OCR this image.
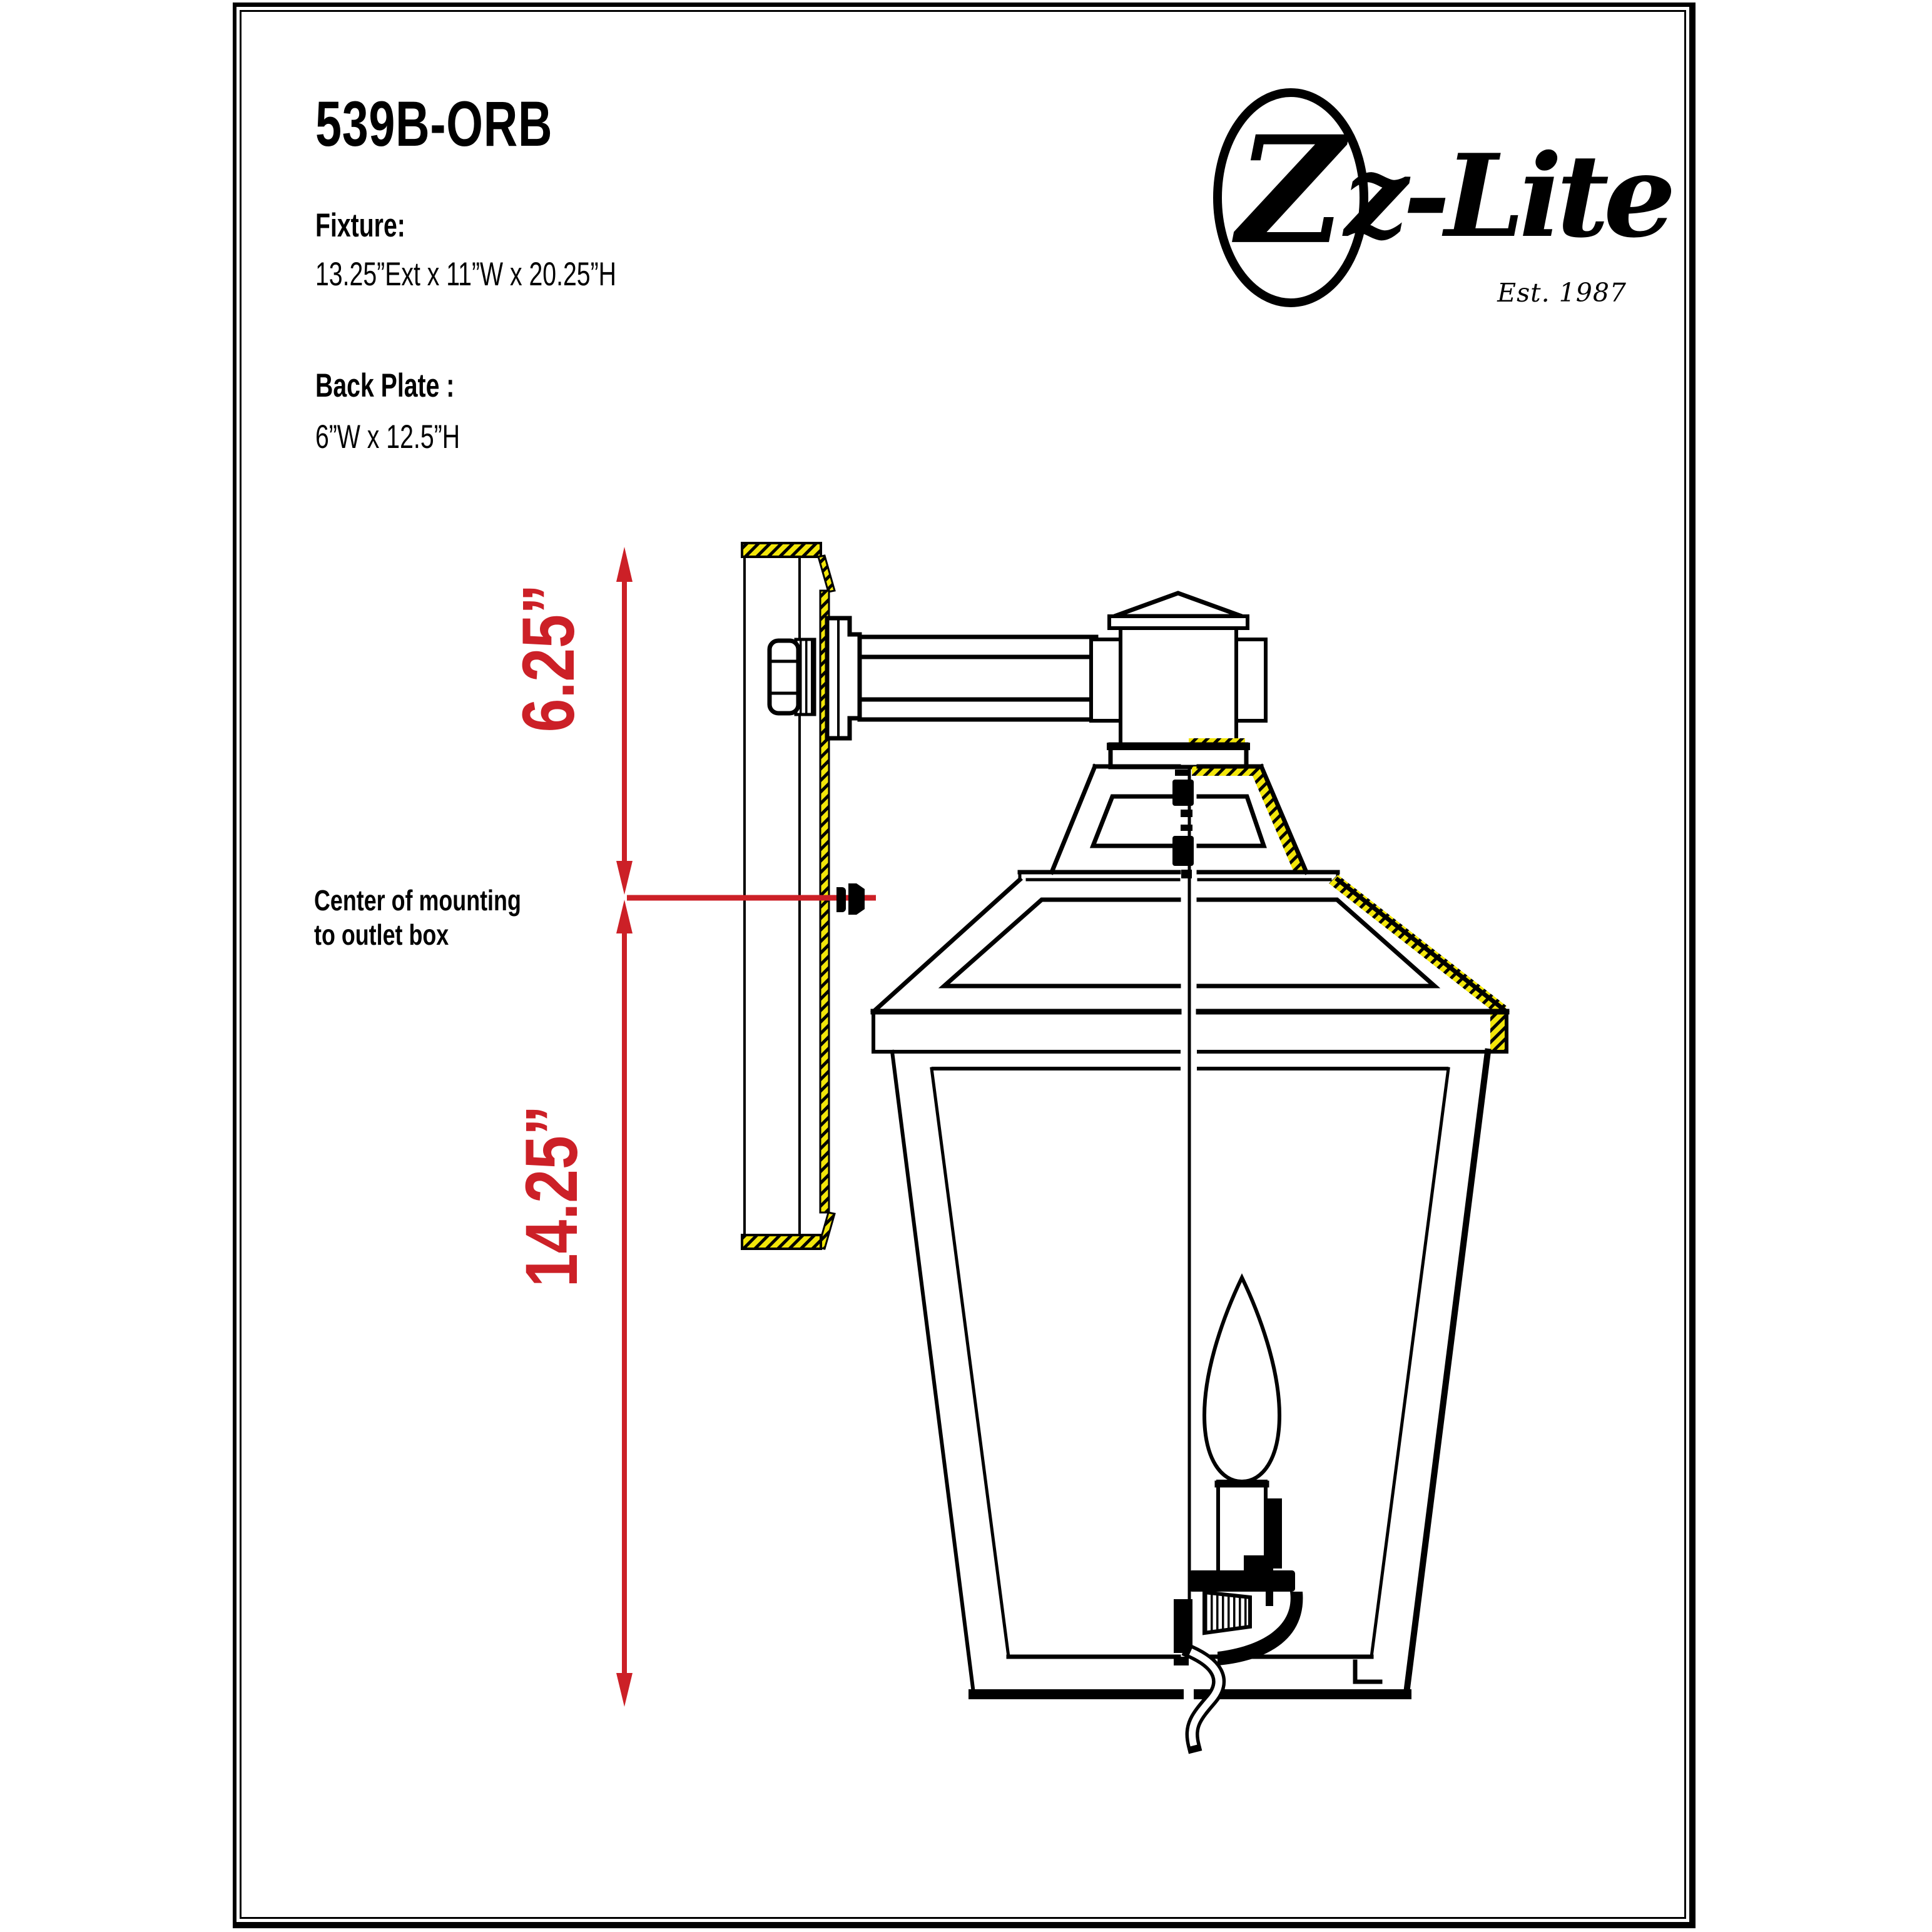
539B-ORB
Fixture:
13.25”Ext x 11”W x 20.25”H
Back Plate :
6”W x 12.5”H
Z
z-Lite
Est. 1987
Center of mounting
to outlet box
6.25”
14.25”
